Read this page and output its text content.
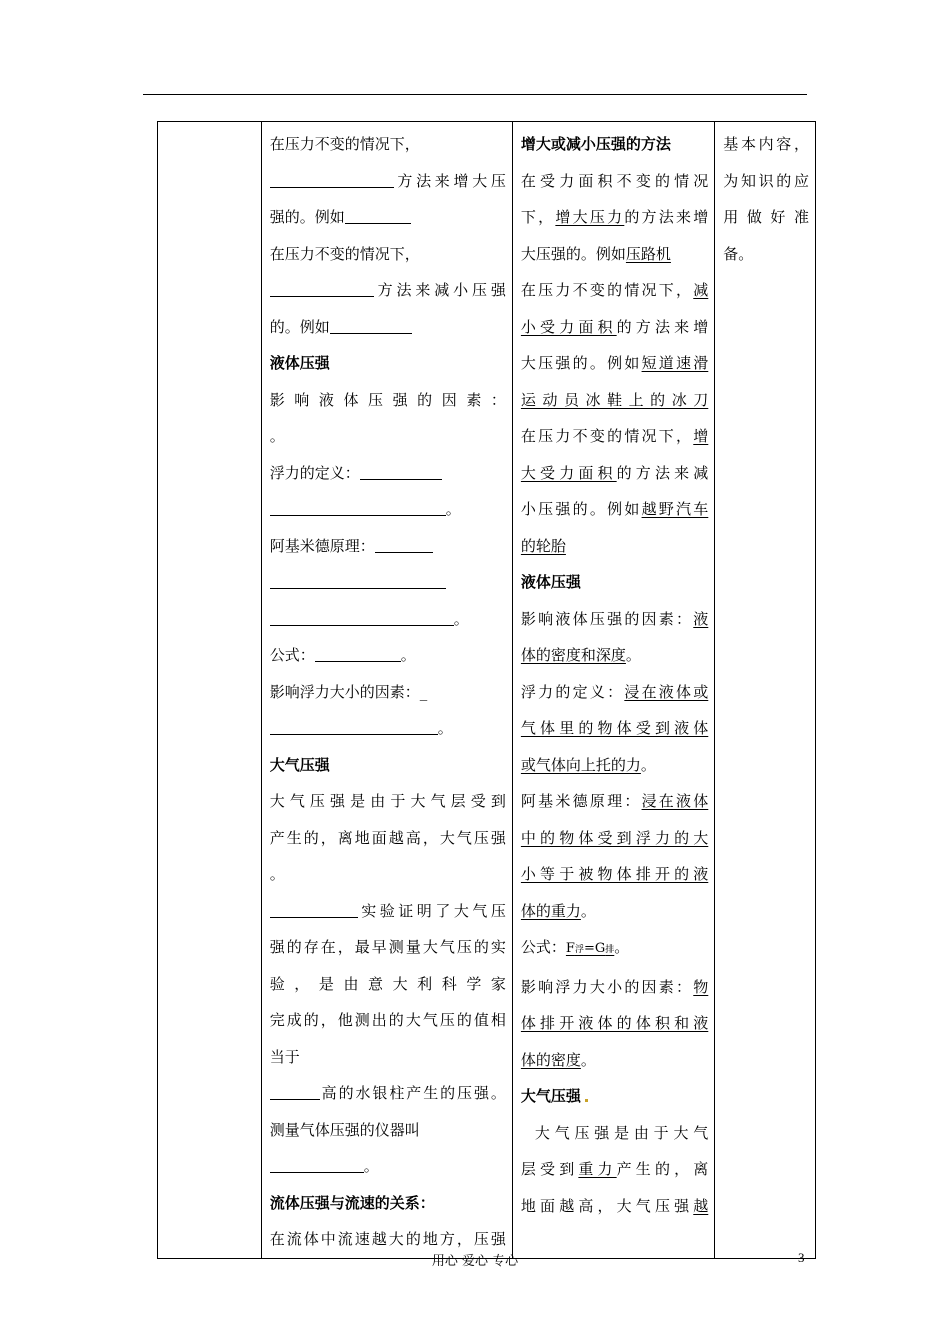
在压力不变的情况下，
方法来增大压
强的。例如
在压力不变的情况下，
方法来减小压强
的。例如
液体压强
影响液体压强的因素：
。
浮力的定义：
。
阿基米德原理：
。
公式：	。
影响浮力大小的因素：_
。
大气压强
大气压强是由于大气层受到
产生的，离地面越高，大气压强
。
实验证明了大气压
强的存在，最早测量大气压的实
验，是由意大利科学家
完成的，他测出的大气压的值相
当于
高的水银柱产生的压强。
测量气体压强的仪器叫
。
流体压强与流速的关系：
在流体中流速越大的地方，压强

增大或减小压强的方法
在受力面积不变的情况
下，增大压力的方法来增
大压强的。例如压路机
在压力不变的情况下，减
小受力面积的方法来增
大压强的。例如短道速滑
运动员冰鞋上的冰刀
在压力不变的情况下，增
大受力面积的方法来减
小压强的。例如越野汽车
的轮胎
液体压强
影响液体压强的因素：液
体的密度和深度。
浮力的定义：浸在液体或
气体里的物体受到液体
或气体向上托的力。
阿基米德原理：浸在液体
中的物体受到浮力的大
小等于被物体排开的液
体的重力。
公式：F浮=G排。
影响浮力大小的因素：物
体排开液体的体积和液
体的密度。
大气压强
大气压强是由于大气
层受到重力产生的，离
地面越高，大气压强越

基本内容，
为知识的应
用做好准
备。
用心 爱心 专心	3
